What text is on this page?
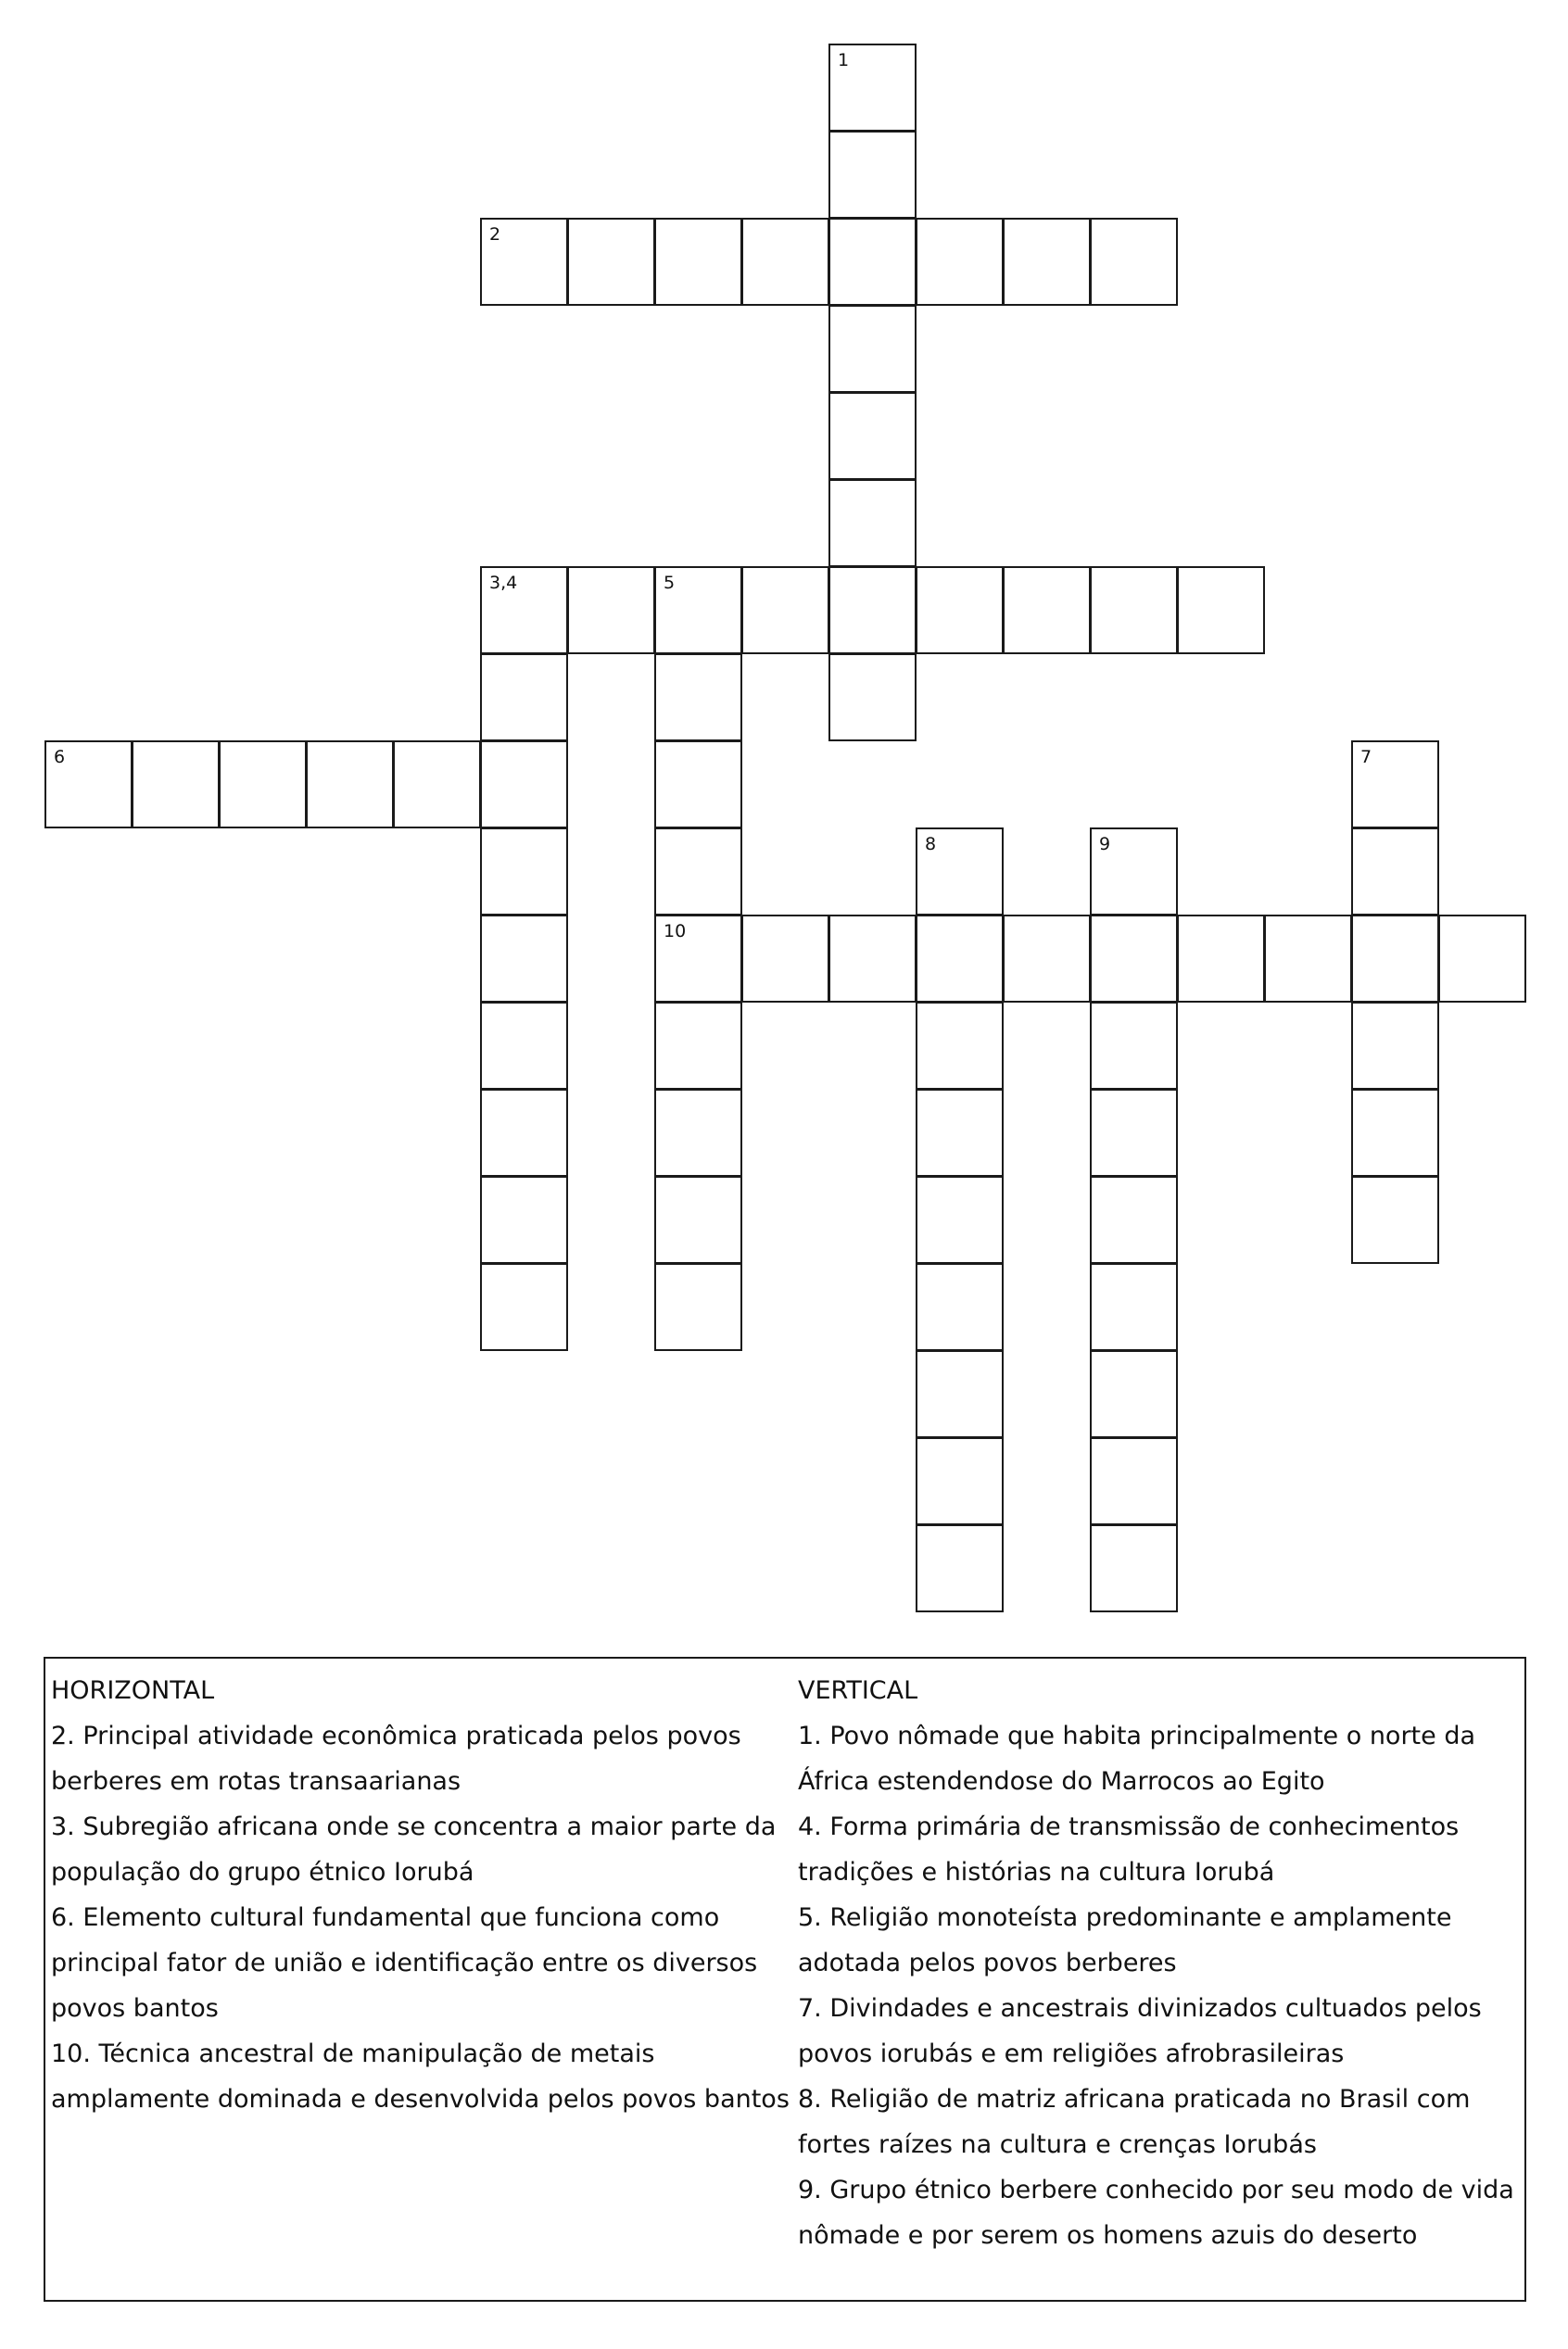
1
2
3,4	5
6	7
8	9
10
HORIZONTAL
2. Principal atividade econômica praticada pelos povos
berberes em rotas transaarianas
3. Subregião africana onde se concentra a maior parte da
população do grupo étnico Iorubá
6. Elemento cultural fundamental que funciona como
principal fator de união e identificação entre os diversos
povos bantos
10. Técnica ancestral de manipulação de metais
amplamente dominada e desenvolvida pelos povos bantos
VERTICAL
1. Povo nômade que habita principalmente o norte da
África estendendose do Marrocos ao Egito
4. Forma primária de transmissão de conhecimentos
tradições e histórias na cultura Iorubá
5. Religião monoteísta predominante e amplamente
adotada pelos povos berberes
7. Divindades e ancestrais divinizados cultuados pelos
povos iorubás e em religiões afrobrasileiras
8. Religião de matriz africana praticada no Brasil com
fortes raízes na cultura e crenças Iorubás
9. Grupo étnico berbere conhecido por seu modo de vida
nômade e por serem os homens azuis do deserto
